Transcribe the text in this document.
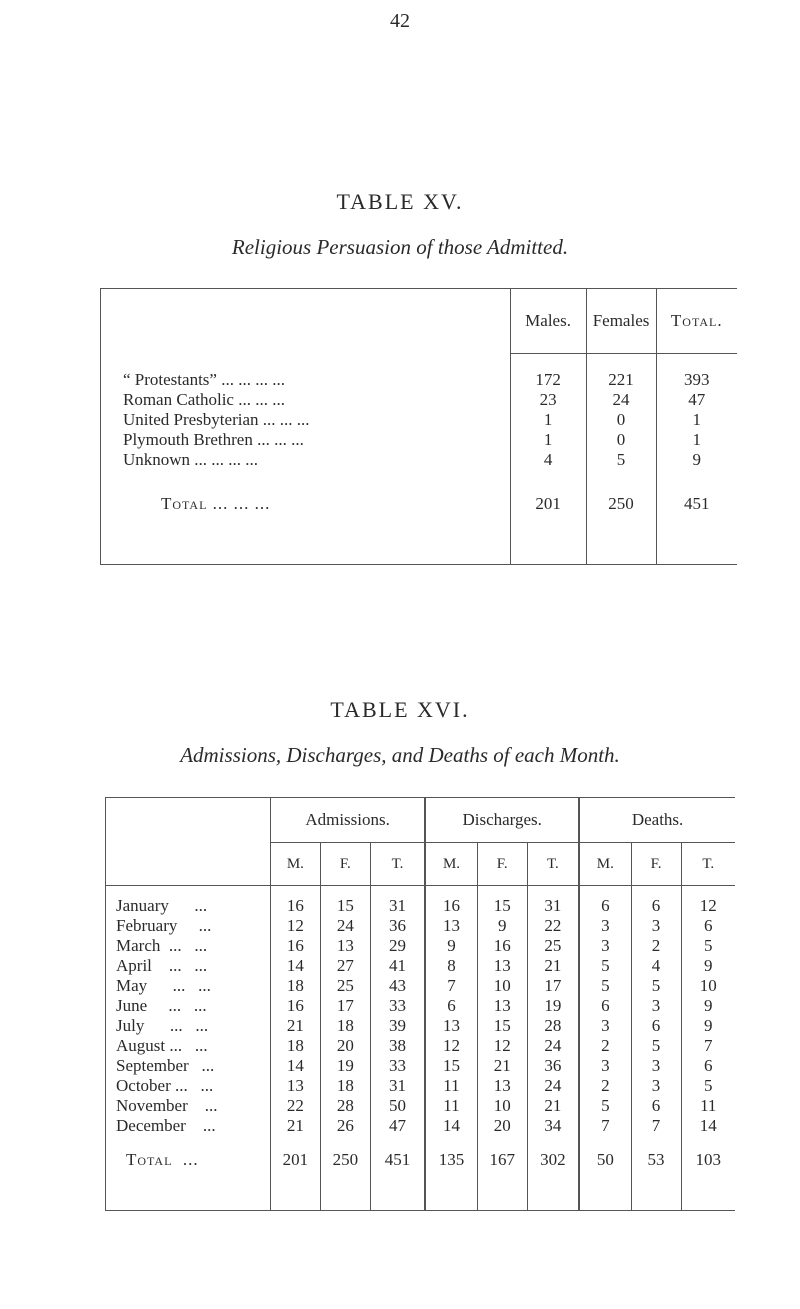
42
TABLE XV.
Religious Persuasion of those Admitted.
	Males.	Females	Total.
“ Protestants” ... ... ... ...	172	221	393
Roman Catholic ... ... ...	23	24	47
United Presbyterian ... ... ...	1	0	1
Plymouth Brethren ... ... ...	1	0	1
Unknown ... ... ... ...	4	5	9

Total ... ... ...	201	250	451
TABLE XVI.
Admissions, Discharges, and Deaths of each Month.
	Admissions.			Discharges.			Deaths.		
	M.	F.	T.	M.	F.	T.	M.	F.	T.
January      ...	16	15	31	16	15	31	6	6	12
February     ...	12	24	36	13	9	22	3	3	6
March  ...   ...	16	13	29	9	16	25	3	2	5
April    ...   ...	14	27	41	8	13	21	5	4	9
May      ...   ...	18	25	43	7	10	17	5	5	10
June     ...   ...	16	17	33	6	13	19	6	3	9
July      ...   ...	21	18	39	13	15	28	3	6	9
August ...   ...	18	20	38	12	12	24	2	5	7
September   ...	14	19	33	15	21	36	3	3	6
October ...   ...	13	18	31	11	13	24	2	3	5
November    ...	22	28	50	11	10	21	5	6	11
December    ...	21	26	47	14	20	34	7	7	14
Total  ...	201	250	451	135	167	302	50	53	103
